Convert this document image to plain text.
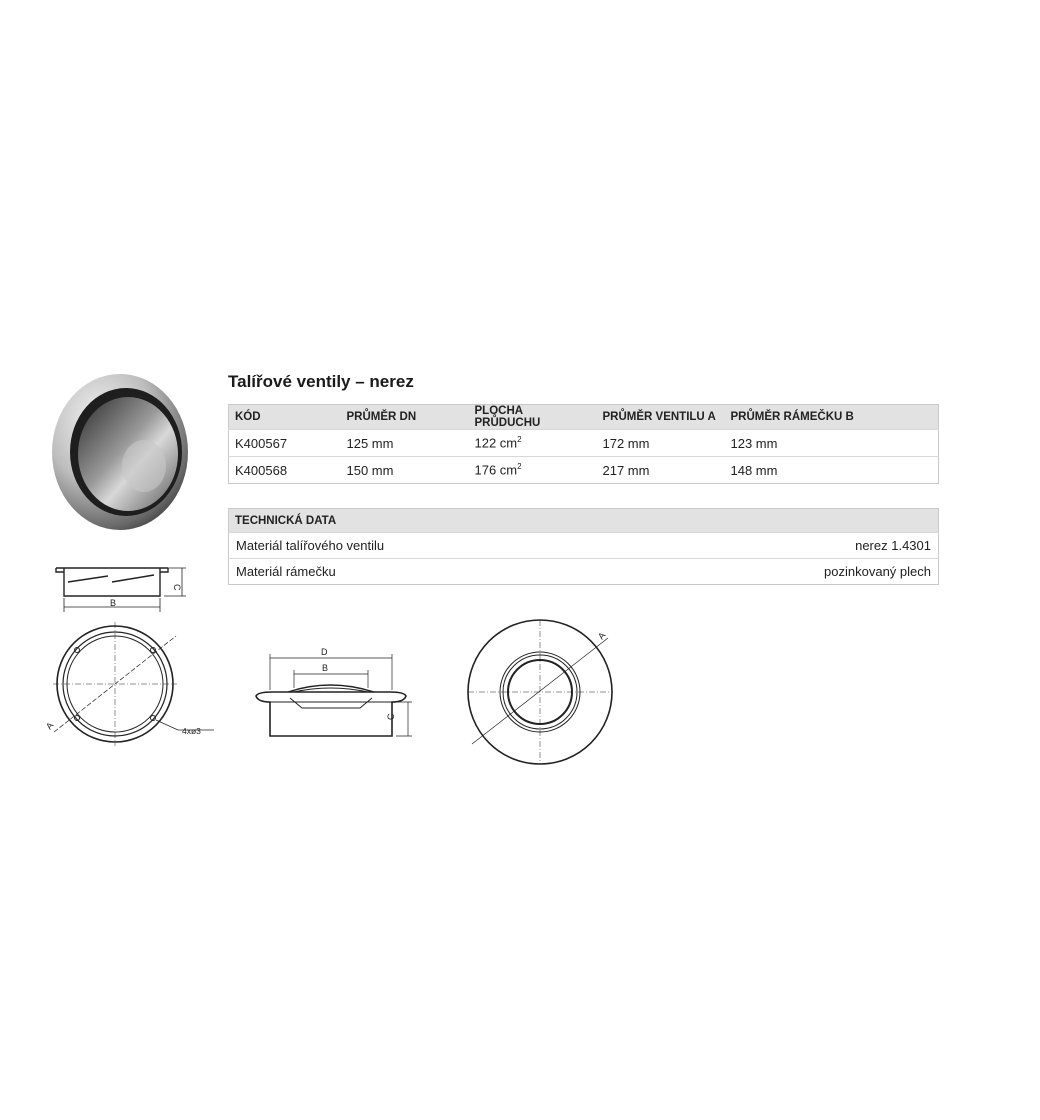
B
C
A	4xø3
D
B
C
A
Talířové ventily – nerez
KÓD	PRŮMĚR DN	PLOCHA PRŮDUCHU	PRŮMĚR VENTILU A	PRŮMĚR RÁMEČKU B
K400567	125 mm	122 $cm^2$	172 mm	123 mm
K400568	150 mm	176 $cm^2$	217 mm	148 mm
TECHNICKÁ DATA	
Materiál talířového ventilu	nerez 1.4301
Materiál rámečku	pozinkovaný plech
